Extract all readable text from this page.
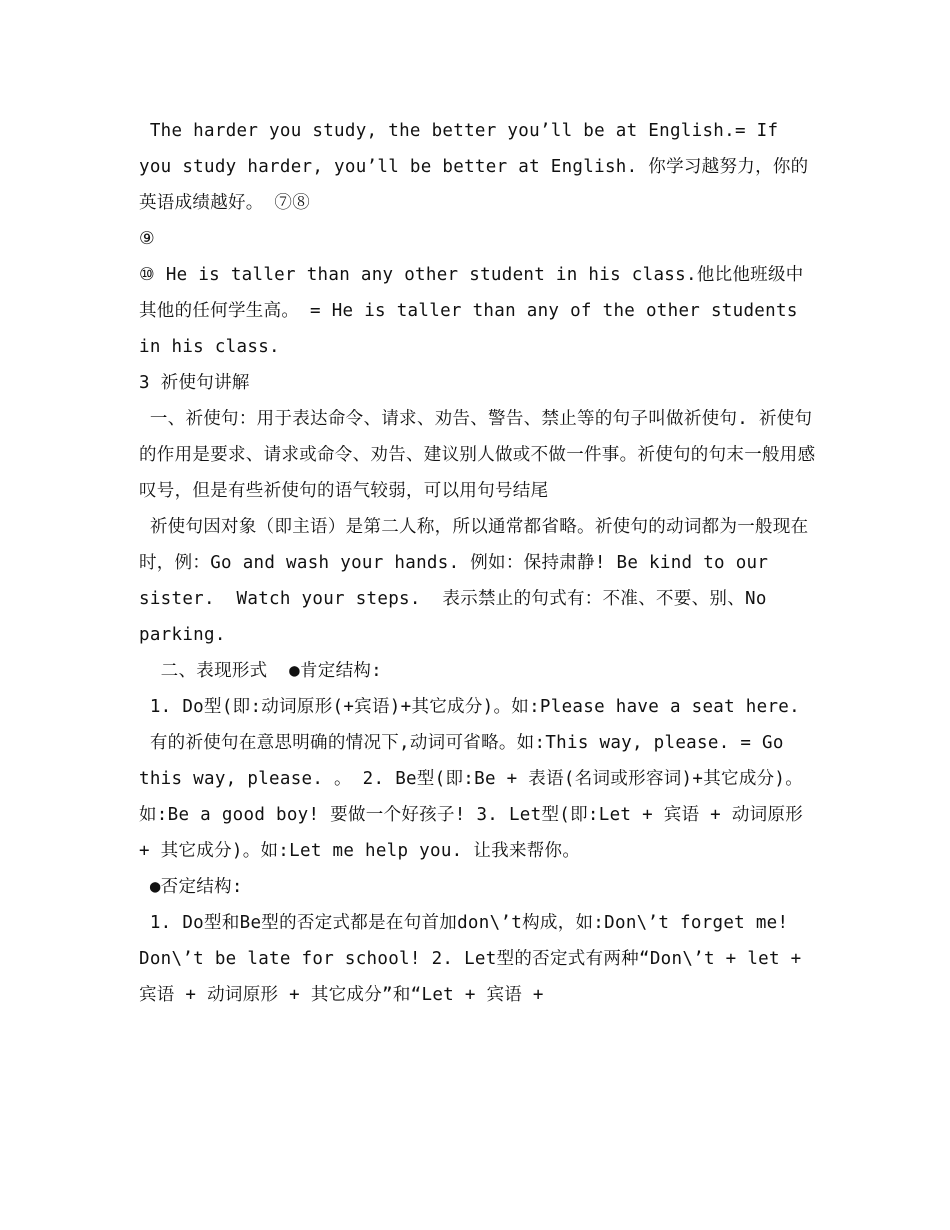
The harder you study, the better you’ll be at English.= If you study harder, you’ll be better at English. 你学习越努力，你的英语成绩越好。 ⑦⑧

⑨

⑩ He is taller than any other student in his class.他比他班级中其他的任何学生高。 = He is taller than any of the other students in his class.

3 祈使句讲解

一、祈使句：用于表达命令、请求、劝告、警告、禁止等的句子叫做祈使句. 祈使句的作用是要求、请求或命令、劝告、建议别人做或不做一件事。祈使句的句末一般用感叹号，但是有些祈使句的语气较弱，可以用句号结尾

祈使句因对象（即主语）是第二人称，所以通常都省略。祈使句的动词都为一般现在时，例：Go and wash your hands. 例如：保持肃静! Be kind to our sister.  Watch your steps.  表示禁止的句式有：不准、不要、别、No parking.

二、表现形式  ●肯定结构:

1. Do型(即:动词原形(+宾语)+其它成分)。如:Please have a seat here.

有的祈使句在意思明确的情况下,动词可省略。如:This way, please. = Go this way, please. 。 2. Be型(即:Be + 表语(名词或形容词)+其它成分)。如:Be a good boy! 要做一个好孩子! 3. Let型(即:Let + 宾语 + 动词原形 + 其它成分)。如:Let me help you. 让我来帮你。

●否定结构:

1. Do型和Be型的否定式都是在句首加don\’t构成，如:Don\’t forget me! Don\’t be late for school! 2. Let型的否定式有两种“Don\’t + let + 宾语 + 动词原形 + 其它成分”和“Let + 宾语 +
